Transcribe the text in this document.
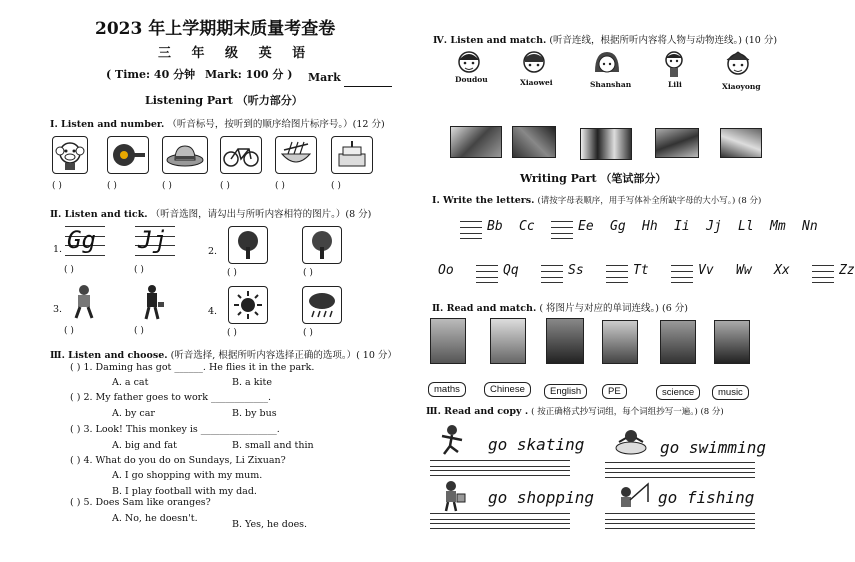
2023 年上学期期末质量考查卷
三 年 级 英 语
( Time: 40 分钟 Mark: 100 分 ) Mark
Listening Part （听力部分）
Ⅰ. Listen and number. （听音标号，按听到的顺序给图片标序号。）(12 分)
( )	( )	( )	( )	( )	( )
Ⅱ. Listen and tick. （听音选图，请勾出与所听内容相符的图片。）(8 分)
1. Gg Jj	2.
( )	( )	( )	( )
3.	4.
( )	( )	( )	( )
Ⅲ. Listen and choose. (听音选择, 根据所听内容选择正确的选项。）( 10 分）
( ) 1. Daming has got ______. He flies it in the park.
A. a cat	B. a kite
( ) 2. My father goes to work ____________.
A. by car	B. by bus
( ) 3. Look! This monkey is ________________.
A. big and fat	B. small and thin
( ) 4. What do you do on Sundays, Li Zixuan?
A. I go shopping with my mum.
B. I play football with my dad.
( ) 5. Does Sam like oranges?
A. No, he doesn't.
B. Yes, he does.
Ⅳ. Listen and match. (听音连线，根据所听内容将人物与动物连线。) (10 分)
Doudou	Xiaowei	Shanshan	Lili	Xiaoyong
Writing Part （笔试部分）
Ⅰ. Write the letters. (请按字母表顺序，用手写体补全所缺字母的大小写。) (8 分)
Bb Cc	Ee Gg Hh Ii Jj Ll Mm Nn
Oo	Qq	Ss	Tt	Vv Ww Xx	Zz
Ⅱ. Read and match. ( 将图片与对应的单词连线。) (6 分)
maths	Chinese	English	PE	science	music
Ⅲ. Read and copy . ( 按正确格式抄写词组，每个词组抄写一遍。) (8 分)
go skating	go swimming
go shopping	go fishing
